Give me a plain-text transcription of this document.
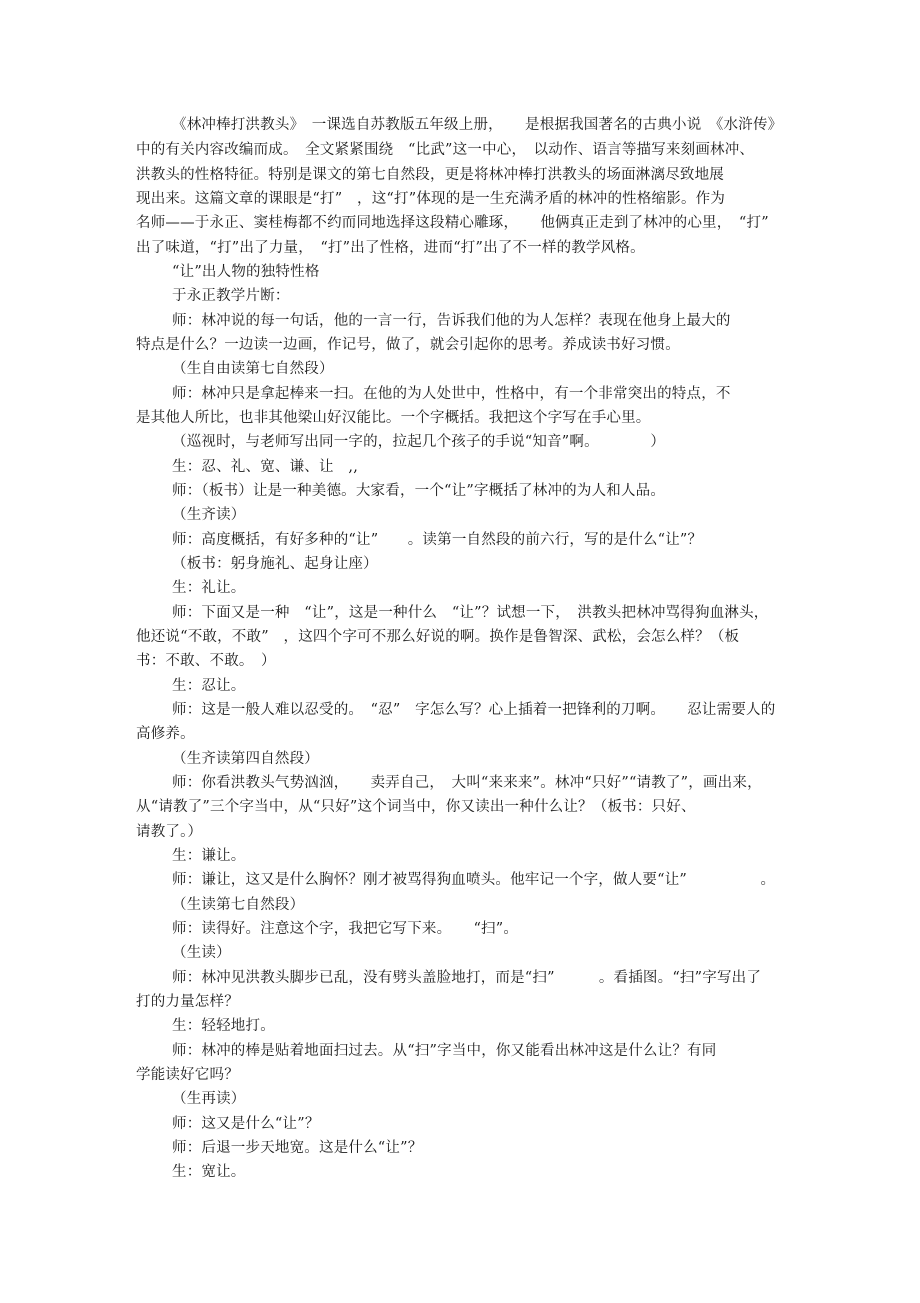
《林冲棒打洪教头》　一课选自苏教版五年级上册，　　是根据我国著名的古典小说　《水浒传》
中的有关内容改编而成。　全文紧紧围绕　“比武”这一中心，　以动作、语言等描写来刻画林冲、
洪教头的性格特征。特别是课文的第七自然段，更是将林冲棒打洪教头的场面淋漓尽致地展
现出来。这篇文章的课眼是“打”　，这“打”体现的是一生充满矛盾的林冲的性格缩影。作为
名师——于永正、窦桂梅都不约而同地选择这段精心雕琢，　　他俩真正走到了林冲的心里，　“打”
出了味道，“打”出了力量，　“打”出了性格，进而“打”出了不一样的教学风格。
“让”出人物的独特性格
于永正教学片断：
师：林冲说的每一句话，他的一言一行，告诉我们他的为人怎样？表现在他身上最大的
特点是什么？一边读一边画，作记号，做了，就会引起你的思考。养成读书好习惯。
（生自由读第七自然段）
师：林冲只是拿起棒来一扫。在他的为人处世中，性格中，有一个非常突出的特点，不
是其他人所比，也非其他梁山好汉能比。一个字概括。我把这个字写在手心里。
（巡视时，与老师写出同一字的，拉起几个孩子的手说“知音”啊。　　　　）
生：忍、礼、宽、谦、让　,,
师：（板书）让是一种美德。大家看，一个“让”字概括了林冲的为人和人品。
（生齐读）
师：高度概括，有好多种的“让”　　。读第一自然段的前六行，写的是什么“让”？
（板书：躬身施礼、起身让座）
生：礼让。
师：下面又是一种　“让”，这是一种什么　“让”？试想一下，　洪教头把林冲骂得狗血淋头，
他还说“不敢，不敢”　，这四个字可不那么好说的啊。换作是鲁智深、武松，会怎么样？（板
书：不敢、不敢。　）
生：忍让。
师：这是一般人难以忍受的。　“忍”　字怎么写？心上插着一把锋利的刀啊。　　忍让需要人的
高修养。
（生齐读第四自然段）
师：你看洪教头气势汹汹，　　卖弄自己，　大叫“来来来”。林冲“只好”“请教了”，画出来，
从“请教了”三个字当中，从“只好”这个词当中，你又读出一种什么让？（板书：只好、
请教了。）
生：谦让。
师：谦让，这又是什么胸怀？刚才被骂得狗血喷头。他牢记一个字，做人要“让”　　　　　。
（生读第七自然段）
师：读得好。注意这个字，我把它写下来。　　“扫”。
（生读）
师：林冲见洪教头脚步已乱，没有劈头盖脸地打，而是“扫”　　　。看插图。“扫”字写出了
打的力量怎样？
生：轻轻地打。
师：林冲的棒是贴着地面扫过去。从“扫”字当中，你又能看出林冲这是什么让？有同
学能读好它吗？
（生再读）
师：这又是什么“让”？
师：后退一步天地宽。这是什么“让”？
生：宽让。
